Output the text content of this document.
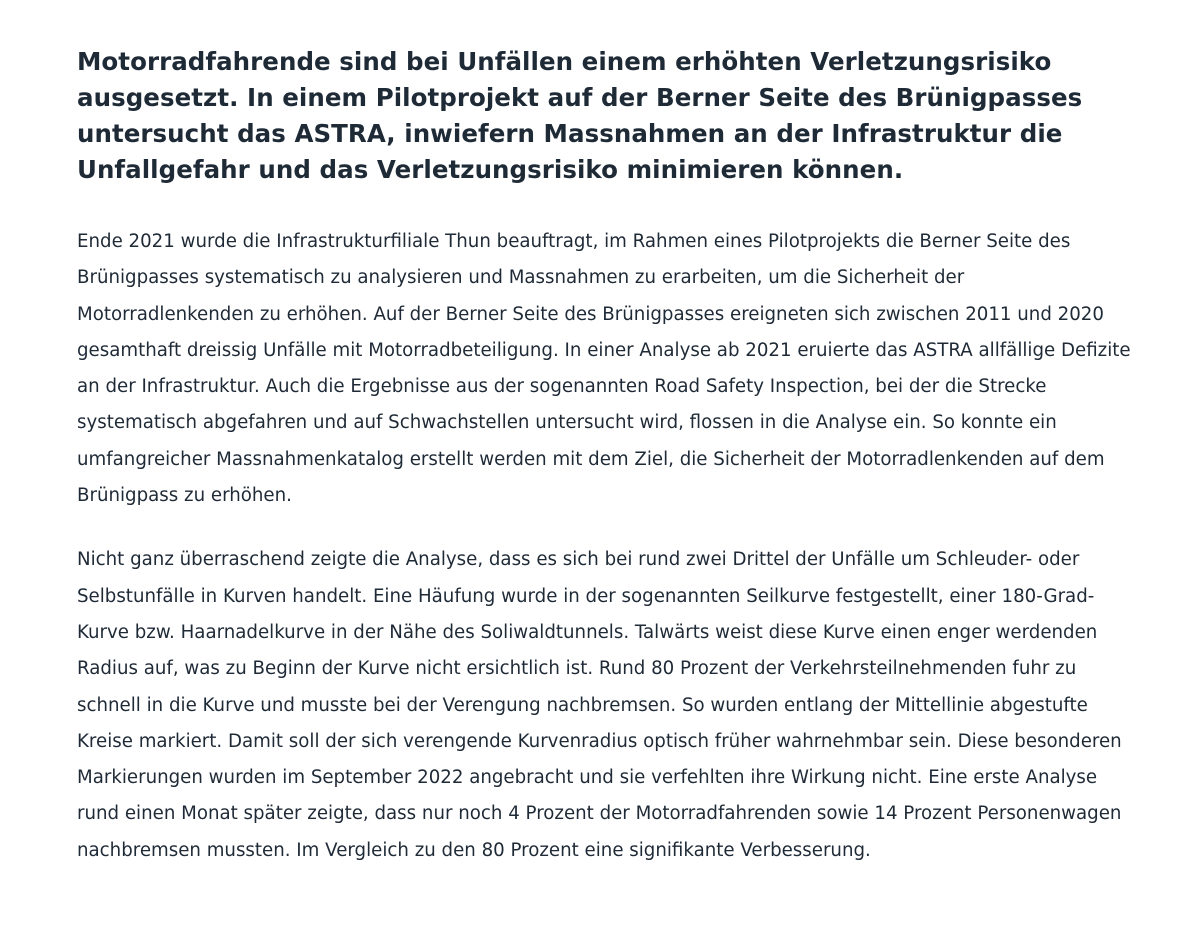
Motorradfahrende sind bei Unfällen einem erhöhten Verletzungsrisiko ausgesetzt. In einem Pilotprojekt auf der Berner Seite des Brünigpasses untersucht das ASTRA, inwiefern Massnahmen an der Infrastruktur die Unfallgefahr und das Verletzungsrisiko minimieren können.

Ende 2021 wurde die Infrastrukturfiliale Thun beauftragt, im Rahmen eines Pilotprojekts die Berner Seite des Brünigpasses systematisch zu analysieren und Massnahmen zu erarbeiten, um die Sicherheit der Motorradlenkenden zu erhöhen. Auf der Berner Seite des Brünigpasses ereigneten sich zwischen 2011 und 2020 gesamthaft dreissig Unfälle mit Motorradbeteiligung. In einer Analyse ab 2021 eruierte das ASTRA allfällige Defizite an der Infrastruktur. Auch die Ergebnisse aus der sogenannten Road Safety Inspection, bei der die Strecke systematisch abgefahren und auf Schwachstellen untersucht wird, flossen in die Analyse ein. So konnte ein umfangreicher Massnahmenkatalog erstellt werden mit dem Ziel, die Sicherheit der Motorradlenkenden auf dem Brünigpass zu erhöhen.

Nicht ganz überraschend zeigte die Analyse, dass es sich bei rund zwei Drittel der Unfälle um Schleuder- oder Selbstunfälle in Kurven handelt. Eine Häufung wurde in der sogenannten Seilkurve festgestellt, einer 180-Grad-Kurve bzw. Haarnadelkurve in der Nähe des Soliwaldtunnels. Talwärts weist diese Kurve einen enger werdenden Radius auf, was zu Beginn der Kurve nicht ersichtlich ist. Rund 80 Prozent der Verkehrsteilnehmenden fuhr zu schnell in die Kurve und musste bei der Verengung nachbremsen. So wurden entlang der Mittellinie abgestufte Kreise markiert. Damit soll der sich verengende Kurvenradius optisch früher wahrnehmbar sein. Diese besonderen Markierungen wurden im September 2022 angebracht und sie verfehlten ihre Wirkung nicht. Eine erste Analyse rund einen Monat später zeigte, dass nur noch 4 Prozent der Motorradfahrenden sowie 14 Prozent Personenwagen nachbremsen mussten. Im Vergleich zu den 80 Prozent eine signifikante Verbesserung.
